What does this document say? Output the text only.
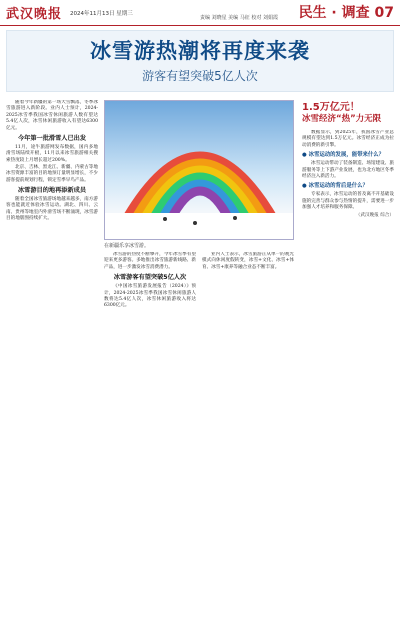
武汉晚报 2024年11月13日 星期三
责编 刘晓星 美编 马征 校对 刘娟霞 民生 · 调查 07
冰雪游热潮将再度来袭
游客有望突破5亿人次

随着今年新疆的第一场大雪飘落，冬季冰雪旅游进入新阶段。业内人士预计，2024-2025冰雪季我国冰雪休闲旅游人数有望达5.4亿人次，冰雪休闲旅游收入有望达6300亿元。

今年第一批滑雪人已出发

11月，途牛旅游网发布数据，国内多地滑雪场陆续开板，11月以来冰雪旅游相关搜索热度较上月增长超过200%。

北京、吉林、黑龙江、新疆、内蒙古等地冰雪资源丰富的目的地预订量明显增长，不少游客提前规划行程，锁定雪季早鸟产品。

冰雪游目的地再添新成员

随着全国冰雪旅游场地越来越多，南方游客也能就近体验冰雪运动。湖北、四川、云南、贵州等地室内外滑雪场不断涌现，冰雪游目的地版图持续扩大。

在新疆乐享冰雪游。

冰雪游的热度不断攀升，今年冰雪季有望迎来更多游客。多地推出冰雪旅游新线路、新产品，进一步激发冰雪消费潜力。

冰雪游客有望突破5亿人次

《中国冰雪旅游发展报告（2024）》预计，2024-2025冰雪季我国冰雪休闲旅游人数将达5.4亿人次，冰雪休闲旅游收入将达6300亿元。

业内人士表示，冰雪旅游正从单一的观光模式向休闲度假转变，冰雪+文化、冰雪+体育、冰雪+康养等融合业态不断丰富。

1.5万亿元！
冰雪经济“热”力无限

数据显示，到2025年，我国冰雪产业总规模有望达到1.5万亿元。冰雪经济正成为拉动消费的新引擎。

● 冰雪运动的发展，能带来什么？

冰雪运动带动了装备制造、场馆建设、旅游服务等上下游产业发展，也为北方地区冬季经济注入新活力。

● 冰雪运动的背后是什么？

专家表示，冰雪运动的普及离不开基础设施的完善与群众参与热情的提升，需要进一步加强人才培养和服务保障。

（武汉晚报 综合）
